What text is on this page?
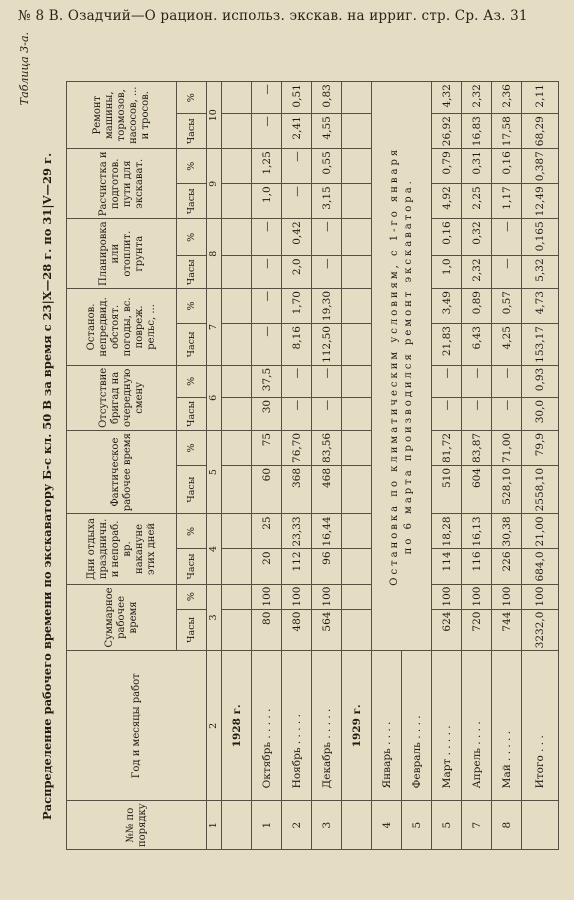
№ 8 В. Озадчий—О рацион. использ. экскав. на ирриг. стр. Ср. Аз. 31
Распределение рабочего времени по экскаватору Б-с кл. 50 В за время с 23|X—28 г. по 31|V—29 г.
Таблица 3-а.
№№ по порядку	Год и месяцы работ	Суммарное рабочее время		Дни отдыха праздничн. и непораб. вр. накануне этих дней		Фактическое рабочее время		Отсутствие бригад на очередную смену		Останов. непредвид. обстоят. погоды, вс. повреж. рельс, ...		Планировка или отоплит. грунта		Расчистка и подготов. пути для экскават.		Ремонт машины, тормозов, насосов, ... и тросов.	
		Часы	%	Часы	%	Часы	%	Часы	%	Часы	%	Часы	%	Часы	%	Часы	%
1	2	3		4		5		6		7		8		9		10	
	1928 г.																
1	Октябрь . . . . .	80	100	20	25	60	75	30	37,5	—	—	—	—	1,0	1,25	—	—
2	Ноябрь . . . . .	480	100	112	23,33	368	76,70	—	—	8,16	1,70	2,0	0,42	—	—	2,41	0,51
3	Декабрь . . . . .	564	100	96	16,44	468	83,56	—	—	112,50	19,30	—	—	3,15	0,55	4,55	0,83
	1929 г.																
4	Январь . . . .	Остановка по климатическим условиям, с 1-го января по 6 марта производился ремонт экскаватора.															

5	Февраль . . . .																
5	Март . . . . .	624	100	114	18,28	510	81,72	—	—	21,83	3,49	1,0	0,16	4,92	0,79	26,92	4,32
7	Апрель . . . .	720	100	116	16,13	604	83,87	—	—	6,43	0,89	2,32	0,32	2,25	0,31	16,83	2,32
8	Май . . . . .	744	100	226	30,38	528,10	71,00	—	—	4,25	0,57	—	—	1,17	0,16	17,58	2,36
	Итого . . .	3232,0	100	684,0	21,00	2558,10	79,9	30,0	0,93	153,17	4,73	5,32	0,165	12,49	0,387	68,29	2,11
